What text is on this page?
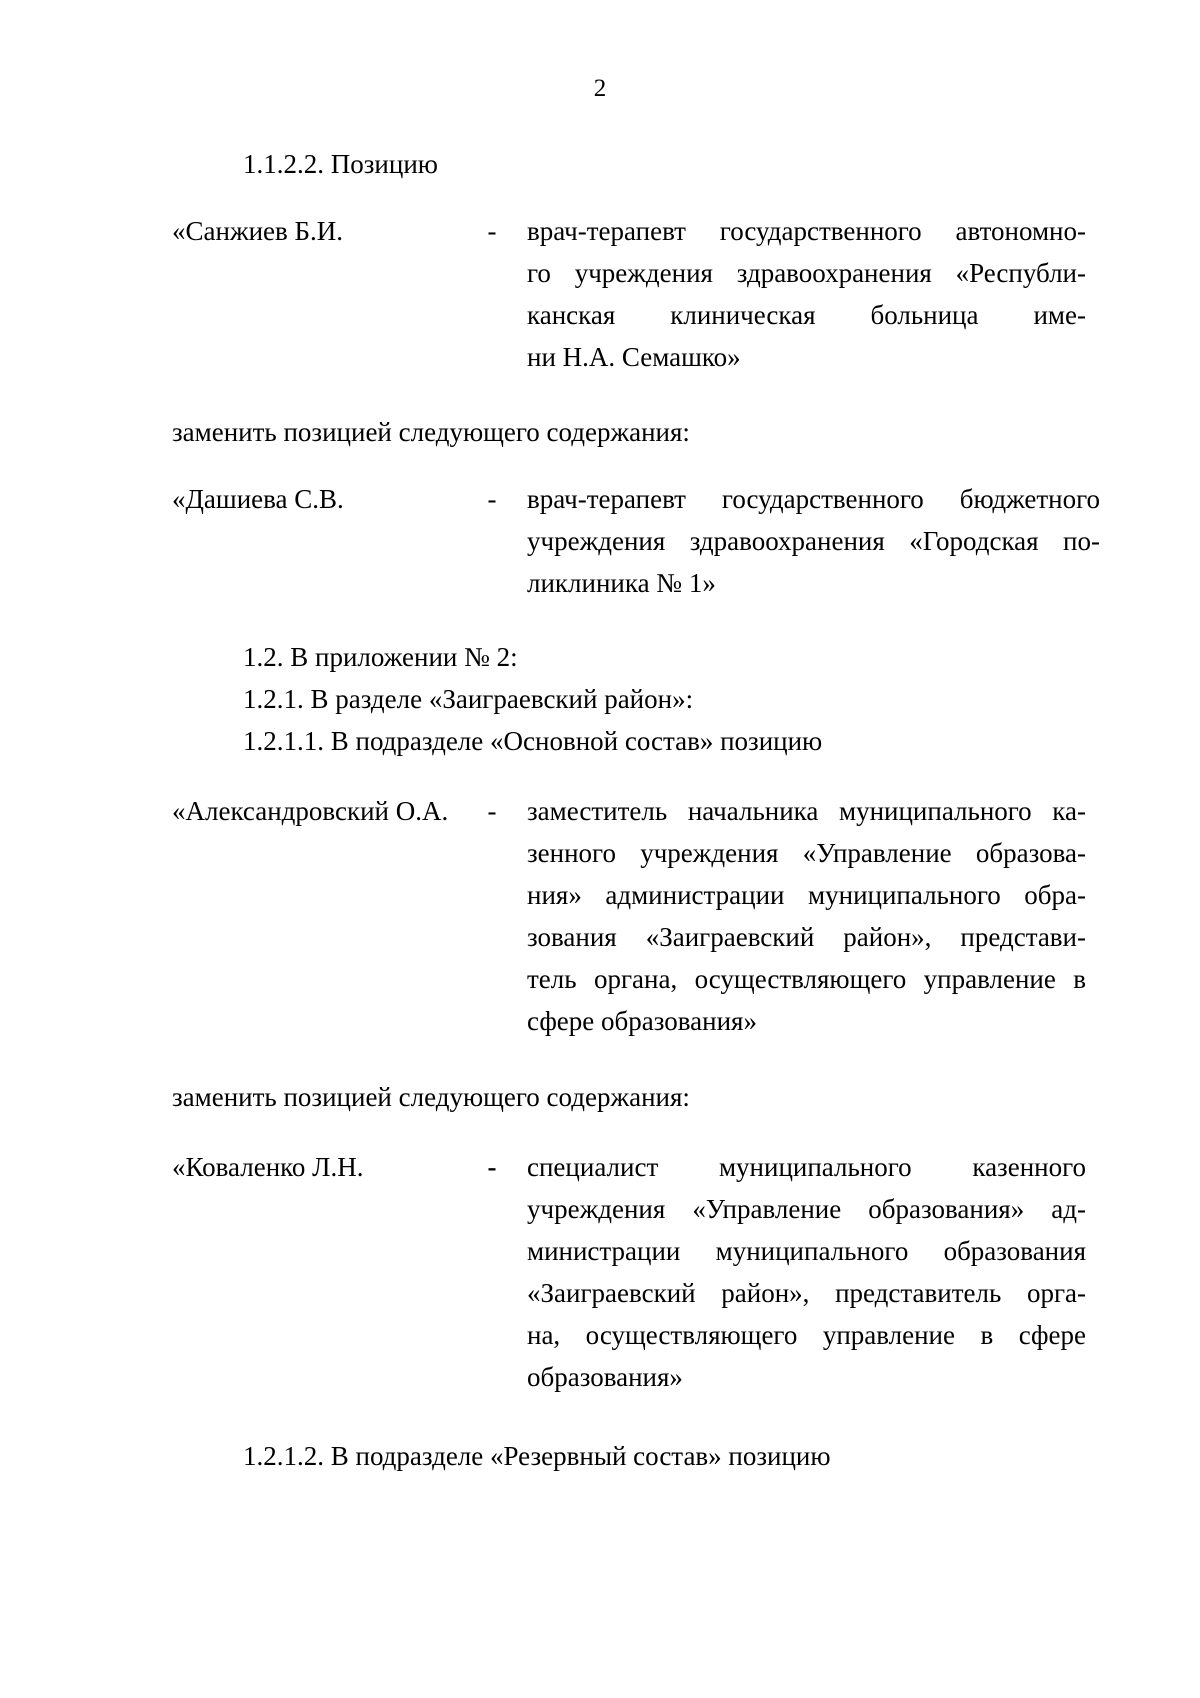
2
1.1.2.2. Позицию
«Санжиев Б.И.	- врач-терапевт государственного автономно-
го учреждения здравоохранения «Республи-
канская клиническая больница име-
ни Н.А. Семашко»
заменить позицией следующего содержания:
«Дашиева С.В.	- врач-терапевт государственного бюджетного
учреждения здравоохранения «Городская по-
ликлиника № 1»
1.2. В приложении № 2:
1.2.1. В разделе «Заиграевский район»:
1.2.1.1. В подразделе «Основной состав» позицию
«Александровский О.А. - заместитель начальника муниципального ка-
зенного учреждения «Управление образова-
ния» администрации муниципального обра-
зования «Заиграевский район», представи-
тель органа, осуществляющего управление в
сфере образования»
заменить позицией следующего содержания:
«Коваленко Л.Н.	- специалист муниципального казенного
учреждения «Управление образования» ад-
министрации муниципального образования
«Заиграевский район», представитель орга-
на, осуществляющего управление в сфере
образования»
1.2.1.2. В подразделе «Резервный состав» позицию
